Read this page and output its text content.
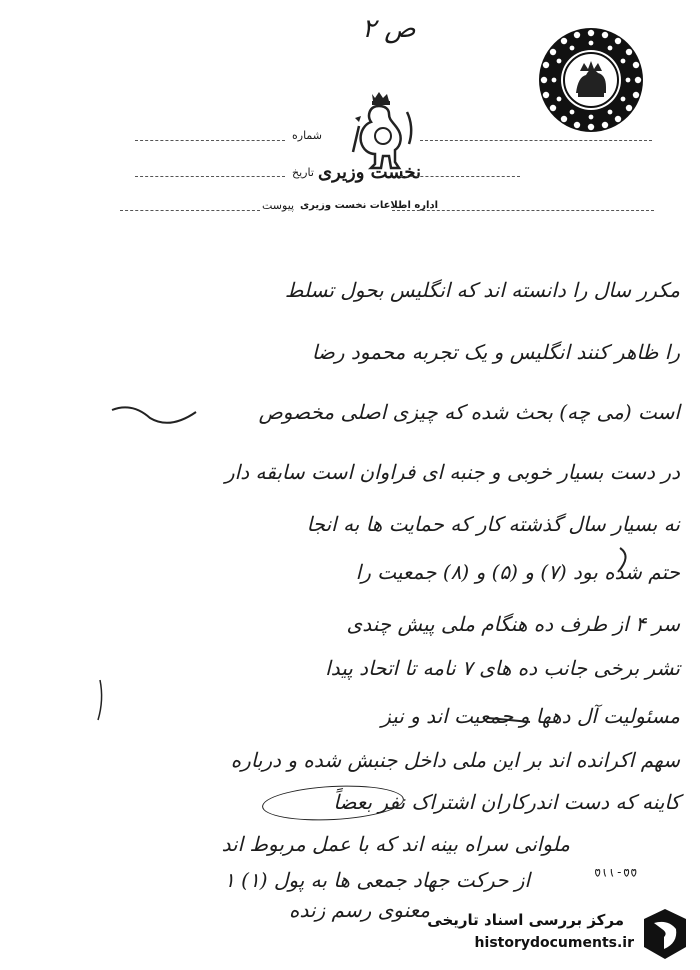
ص ۲
نخست وزیری
اداره اطلاعات نخست وزیری
شماره
تاریخ
پیوست
مکرر سال را دانسته اند که انگلیس بحول تسلط
را ظاهر کنند انگلیس و یک تجربه محمود رضا
است (می چه) بحث شده که چیزی اصلی مخصوص
در دست بسیار خوبی و جنبه ای فراوان است سابقه دار
نه بسیار سال گذشته کار که حمایت ها به انجا
حتم شده بود (۷) و (۵) و (۸) جمعیت را
سر ۴ از طرف ده هنگام ملی پیش چندی
تشر برخی جانب ده های ۷ نامه تا اتحاد پیدا
مسئولیت آل دهها و جمعیت اند و نیز
سهم اکرانده اند بر این ملی داخل جنبش شده و درباره
کاینه که دست اندرکاران اشتراک نفر بعضاً
ملوانی سراه بینه اند که با عمل مربوط اند
از حرکت جهاد جمعی ها به پول (۱) ۱
معنوی رسم زنده
۵۵-۱۱۵
مرکز بررسی اسناد تاریخی
historydocuments.ir
